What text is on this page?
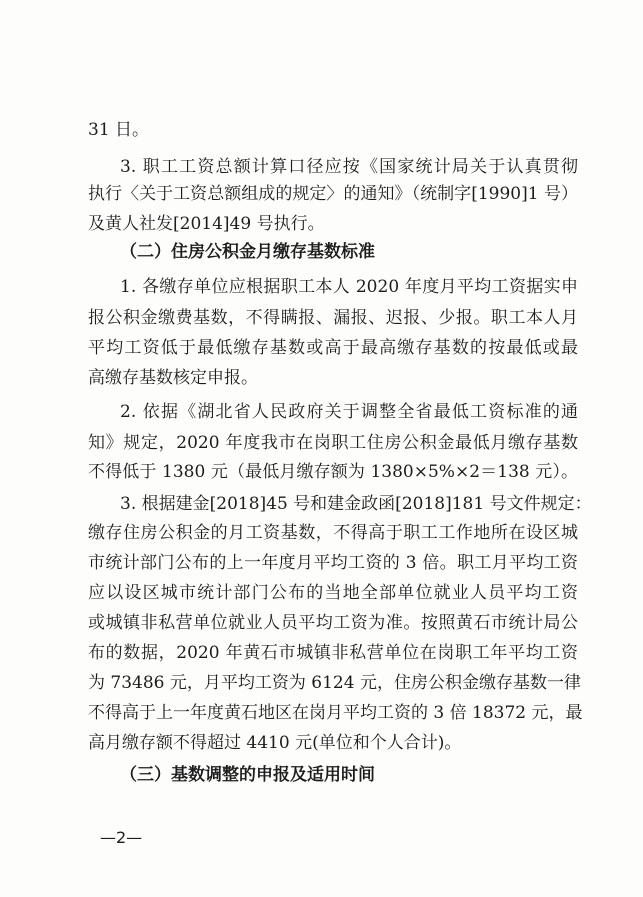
31 日。
3. 职工工资总额计算口径应按《国家统计局关于认真贯彻
执行〈关于工资总额组成的规定〉的通知》（统制字[1990]1 号）
及黄人社发[2014]49 号执行。
（二）住房公积金月缴存基数标准
1. 各缴存单位应根据职工本人 2020 年度月平均工资据实申
报公积金缴费基数，不得瞒报、漏报、迟报、少报。职工本人月
平均工资低于最低缴存基数或高于最高缴存基数的按最低或最
高缴存基数核定申报。
2. 依据《湖北省人民政府关于调整全省最低工资标准的通
知》规定，2020 年度我市在岗职工住房公积金最低月缴存基数
不得低于 1380 元（最低月缴存额为 1380×5%×2＝138 元）。
3. 根据建金[2018]45 号和建金政函[2018]181 号文件规定：
缴存住房公积金的月工资基数，不得高于职工工作地所在设区城
市统计部门公布的上一年度月平均工资的 3 倍。职工月平均工资
应以设区城市统计部门公布的当地全部单位就业人员平均工资
或城镇非私营单位就业人员平均工资为准。按照黄石市统计局公
布的数据，2020 年黄石市城镇非私营单位在岗职工年平均工资
为 73486 元，月平均工资为 6124 元，住房公积金缴存基数一律
不得高于上一年度黄石地区在岗月平均工资的 3 倍 18372 元，最
高月缴存额不得超过 4410 元(单位和个人合计)。
（三）基数调整的申报及适用时间
—2—
